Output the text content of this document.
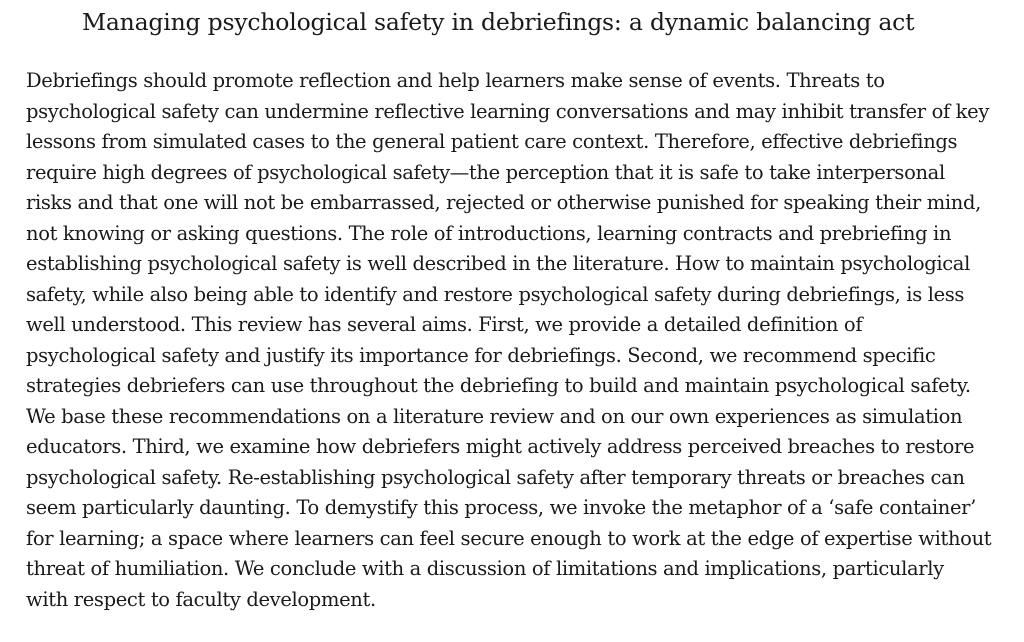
Managing psychological safety in debriefings: a dynamic balancing act
Debriefings should promote reflection and help learners make sense of events. Threats to
psychological safety can undermine reflective learning conversations and may inhibit transfer of key
lessons from simulated cases to the general patient care context. Therefore, effective debriefings
require high degrees of psychological safety—the perception that it is safe to take interpersonal
risks and that one will not be embarrassed, rejected or otherwise punished for speaking their mind,
not knowing or asking questions. The role of introductions, learning contracts and prebriefing in
establishing psychological safety is well described in the literature. How to maintain psychological
safety, while also being able to identify and restore psychological safety during debriefings, is less
well understood. This review has several aims. First, we provide a detailed definition of
psychological safety and justify its importance for debriefings. Second, we recommend specific
strategies debriefers can use throughout the debriefing to build and maintain psychological safety.
We base these recommendations on a literature review and on our own experiences as simulation
educators. Third, we examine how debriefers might actively address perceived breaches to restore
psychological safety. Re-establishing psychological safety after temporary threats or breaches can
seem particularly daunting. To demystify this process, we invoke the metaphor of a ‘safe container’
for learning; a space where learners can feel secure enough to work at the edge of expertise without
threat of humiliation. We conclude with a discussion of limitations and implications, particularly
with respect to faculty development.
